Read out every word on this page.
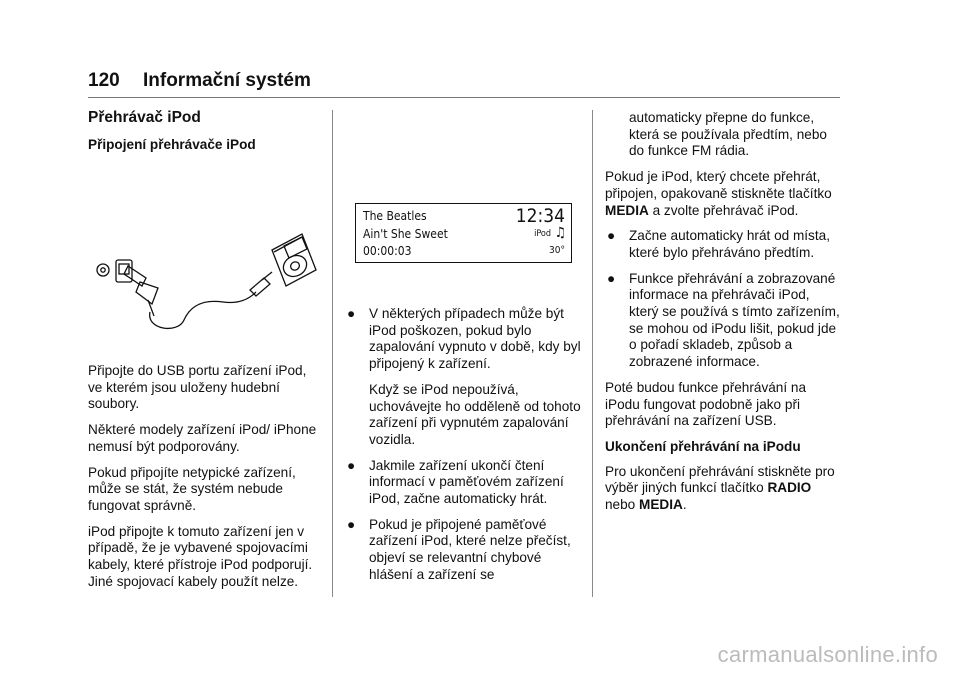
120 Informační systém
Přehrávač iPod
Připojení přehrávače iPod

Připojte do USB portu zařízení iPod, ve kterém jsou uloženy hudební soubory.

Některé modely zařízení iPod/ iPhone nemusí být podporovány.

Pokud připojíte netypické zařízení, může se stát, že systém nebude fungovat správně.

iPod připojte k tomuto zařízení jen v případě, že je vybavené spojovacími kabely, které přístroje iPod podporují. Jiné spojovací kabely použít nelze.

The Beatles
Ain't She Sweet
00:00:03
12:34
iPod ♫
30°
● V některých případech může být iPod poškozen, pokud bylo zapalování vypnuto v době, kdy byl připojený k zařízení.

Když se iPod nepoužívá, uchovávejte ho odděleně od tohoto zařízení při vypnutém zapalování vozidla.

● Jakmile zařízení ukončí čtení informací v paměťovém zařízení iPod, začne automaticky hrát.
● Pokud je připojené paměťové zařízení iPod, které nelze přečíst, objeví se relevantní chybové hlášení a zařízení se

automaticky přepne do funkce, která se používala předtím, nebo do funkce FM rádia.

Pokud je iPod, který chcete přehrát, připojen, opakovaně stiskněte tlačítko MEDIA a zvolte přehrávač iPod.

● Začne automaticky hrát od místa, které bylo přehráváno předtím.
● Funkce přehrávání a zobrazované informace na přehrávači iPod, který se používá s tímto zařízením, se mohou od iPodu lišit, pokud jde o pořadí skladeb, způsob a zobrazené informace.

Poté budou funkce přehrávání na iPodu fungovat podobně jako při přehrávání na zařízení USB.

Ukončení přehrávání na iPodu

Pro ukončení přehrávání stiskněte pro výběr jiných funkcí tlačítko RADIO nebo MEDIA.

carmanualsonline.info
